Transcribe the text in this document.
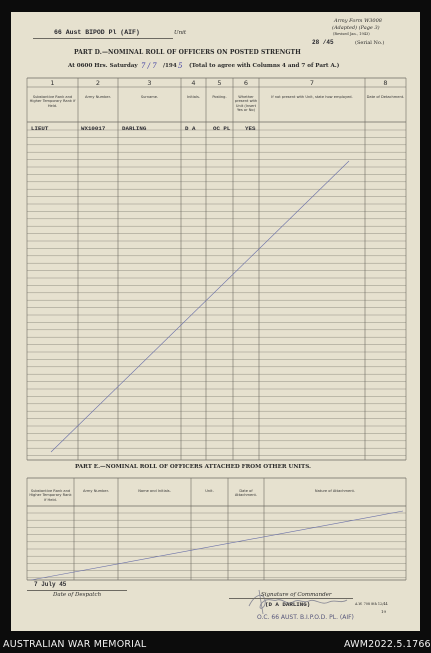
66 Aust BIPOD Pl (AIF)	Unit
Army Form W3008
(Adapted) (Page 3)
(Revised Jan., 1943)
28 /45	(Serial No.)
PART D.—NOMINAL ROLL OF OFFICERS ON POSTED STRENGTH
At 0600 Hrs. Saturday 7 / 7 /194 5 (Total to agree with Columns 4 and 7 of Part A.)
1	2	3	4	5	6	7	8
Substantive Rank and Higher Temporary Rank if Held.
Army Number.	Surname.	Initials.	Posting.	Whether present with Unit (Insert Yes or No)
If not present with Unit, state how employed.	Date of Detachment.
LIEUT	WX10017	DARLING	D A	OC PL	YES
PART E.—NOMINAL ROLL OF OFFICERS ATTACHED FROM OTHER UNITS.
Substantive Rank and Higher Temporary Rank if Held.
Army Number.	Name and Initials.	Unit.	Date of Attachment.
Nature of Attachment.
7 July 45
Date of Despatch	Signature of Commander
(D A DARLING)
O.C. 66 AUST. B.I.P.O.D. PL. (AIF)
A.W. 708 8th 12/44
19
AUSTRALIAN WAR MEMORIAL	AWM2022.5.1766
